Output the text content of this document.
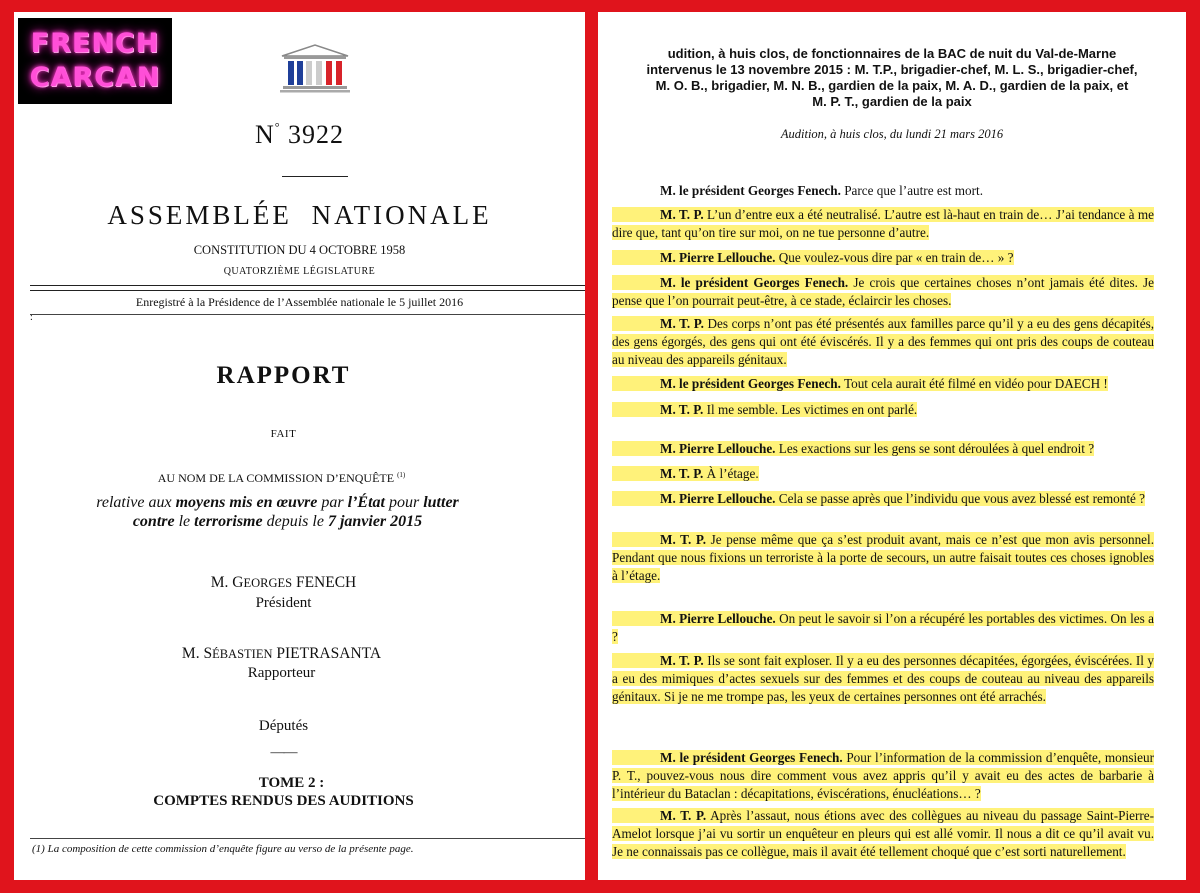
FRENCH
CARCAN
N° 3922
ASSEMBLÉE NATIONALE
CONSTITUTION DU 4 OCTOBRE 1958
QUATORZIÈME LÉGISLATURE
Enregistré à la Présidence de l’Assemblée nationale le 5 juillet 2016
:
RAPPORT
FAIT
AU NOM DE LA COMMISSION D’ENQUÊTE $^{(1)}$
relative aux moyens mis en œuvre par l’État pour lutter
contre le terrorisme depuis le 7 janvier 2015
M. GEORGES FENECH
Président
M. SÉBASTIEN PIETRASANTA
Rapporteur
Députés
——
TOME 2 :
COMPTES RENDUS DES AUDITIONS
(1) La composition de cette commission d’enquête figure au verso de la présente page.
udition, à huis clos, de fonctionnaires de la BAC de nuit du Val-de-Marne
intervenus le 13 novembre 2015 : M. T.P., brigadier-chef, M. L. S., brigadier-chef,
M. O. B., brigadier, M. N. B., gardien de la paix, M. A. D., gardien de la paix, et
M. P. T., gardien de la paix
Audition, à huis clos, du lundi 21 mars 2016
M. le président Georges Fenech. Parce que l’autre est mort.
M. T. P. L’un d’entre eux a été neutralisé. L’autre est là-haut en train de… J’ai tendance à me dire que, tant qu’on tire sur moi, on ne tue personne d’autre.
M. Pierre Lellouche. Que voulez-vous dire par « en train de… » ?
M. le président Georges Fenech. Je crois que certaines choses n’ont jamais été dites. Je pense que l’on pourrait peut-être, à ce stade, éclaircir les choses.
M. T. P. Des corps n’ont pas été présentés aux familles parce qu’il y a eu des gens décapités, des gens égorgés, des gens qui ont été éviscérés. Il y a des femmes qui ont pris des coups de couteau au niveau des appareils génitaux.
M. le président Georges Fenech. Tout cela aurait été filmé en vidéo pour DAECH !
M. T. P. Il me semble. Les victimes en ont parlé.
M. Pierre Lellouche. Les exactions sur les gens se sont déroulées à quel endroit ?
M. T. P. À l’étage.
M. Pierre Lellouche. Cela se passe après que l’individu que vous avez blessé est remonté ?
M. T. P. Je pense même que ça s’est produit avant, mais ce n’est que mon avis personnel. Pendant que nous fixions un terroriste à la porte de secours, un autre faisait toutes ces choses ignobles à l’étage.
M. Pierre Lellouche. On peut le savoir si l’on a récupéré les portables des victimes. On les a ?
M. T. P. Ils se sont fait exploser. Il y a eu des personnes décapitées, égorgées, éviscérées. Il y a eu des mimiques d’actes sexuels sur des femmes et des coups de couteau au niveau des appareils génitaux. Si je ne me trompe pas, les yeux de certaines personnes ont été arrachés.
M. le président Georges Fenech. Pour l’information de la commission d’enquête, monsieur P. T., pouvez-vous nous dire comment vous avez appris qu’il y avait eu des actes de barbarie à l’intérieur du Bataclan : décapitations, éviscérations, énucléations… ?
M. T. P. Après l’assaut, nous étions avec des collègues au niveau du passage Saint-Pierre-Amelot lorsque j’ai vu sortir un enquêteur en pleurs qui est allé vomir. Il nous a dit ce qu’il avait vu. Je ne connaissais pas ce collègue, mais il avait été tellement choqué que c’est sorti naturellement.
